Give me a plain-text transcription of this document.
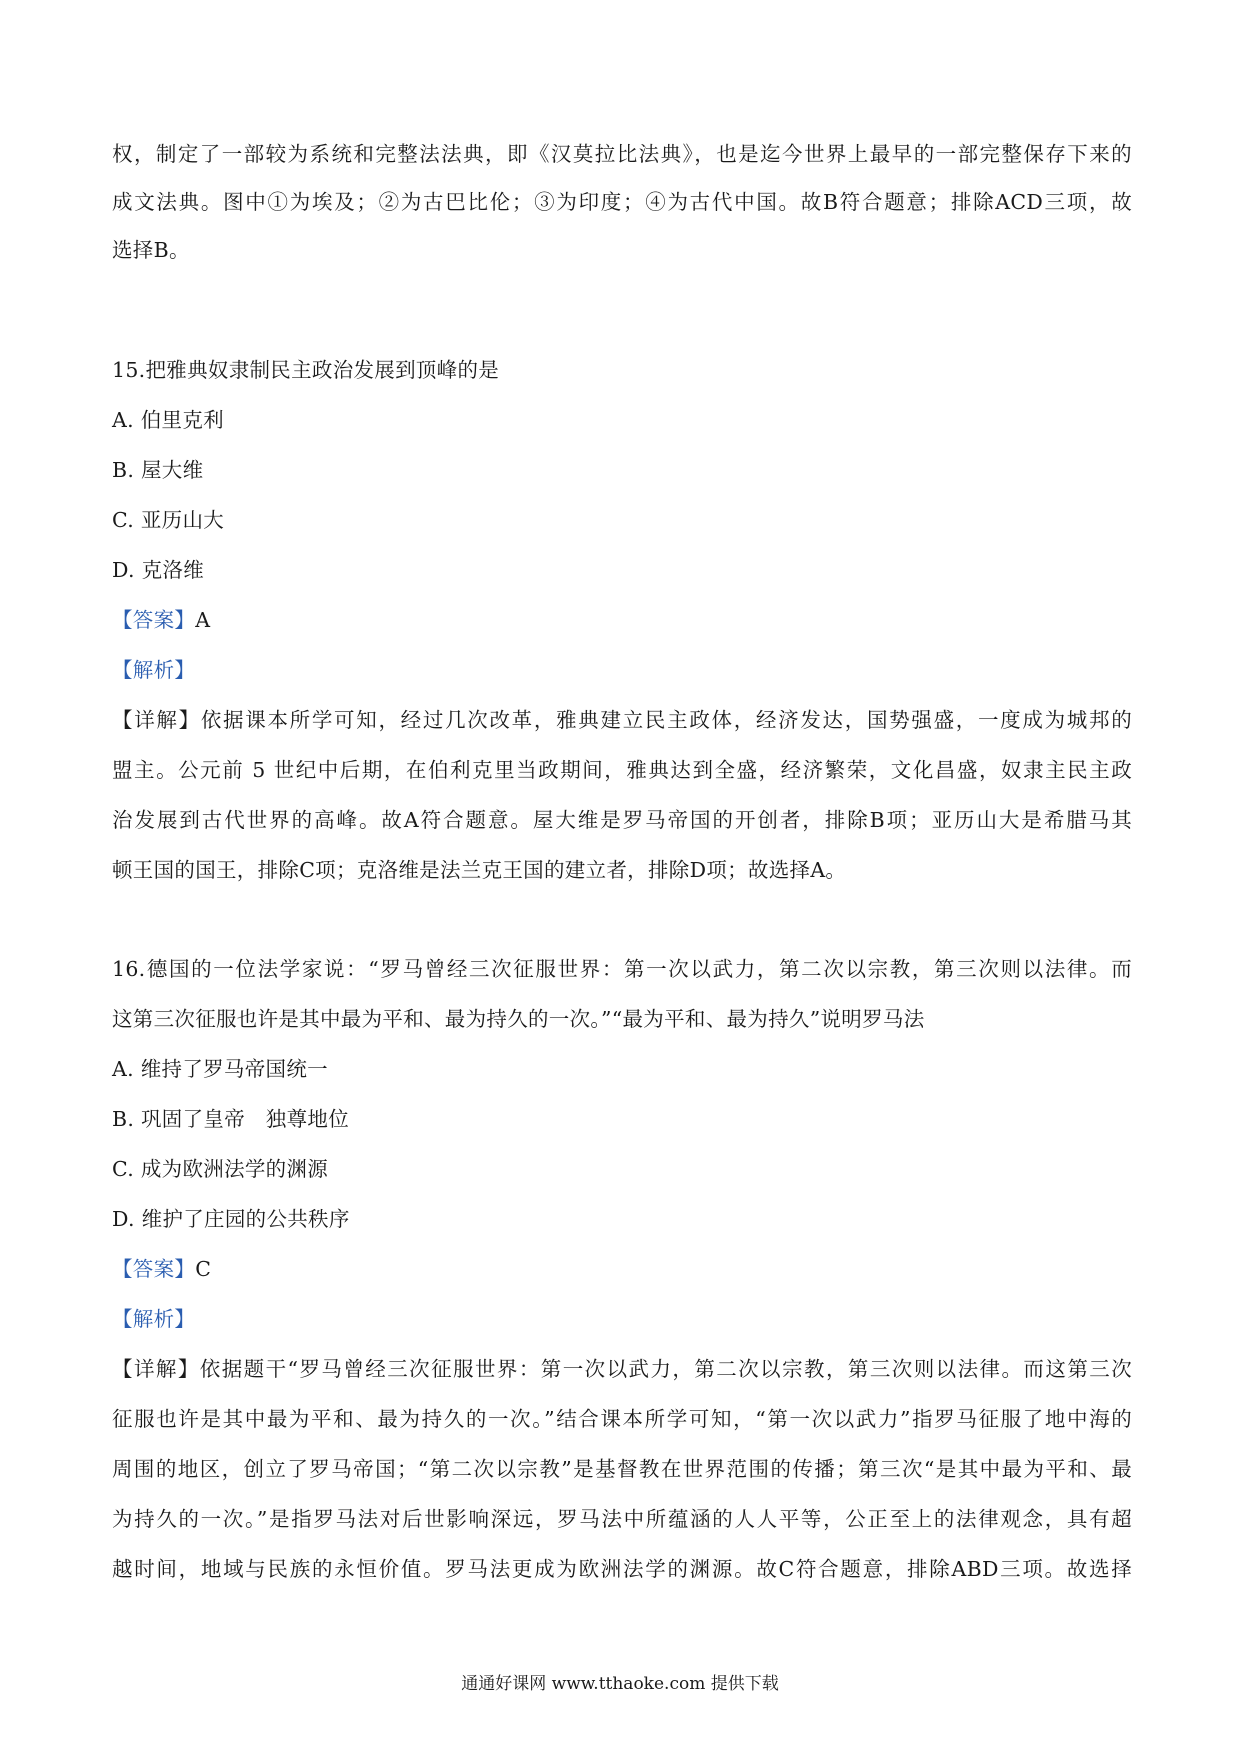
权，制定了一部较为系统和完整法法典，即《汉莫拉比法典》，也是迄今世界上最早的一部完整保存下来的
成文法典。图中①为埃及；②为古巴比伦；③为印度；④为古代中国。故B符合题意；排除ACD三项，故
选择B。
15.把雅典奴隶制民主政治发展到顶峰的是
A. 伯里克利
B. 屋大维
C. 亚历山大
D. 克洛维
【答案】A
【解析】
【详解】依据课本所学可知，经过几次改革，雅典建立民主政体，经济发达，国势强盛，一度成为城邦的
盟主。公元前 5 世纪中后期，在伯利克里当政期间，雅典达到全盛，经济繁荣，文化昌盛，奴隶主民主政
治发展到古代世界的高峰。故A符合题意。屋大维是罗马帝国的开创者，排除B项；亚历山大是希腊马其
顿王国的国王，排除C项；克洛维是法兰克王国的建立者，排除D项；故选择A。
16.德国的一位法学家说：“罗马曾经三次征服世界：第一次以武力，第二次以宗教，第三次则以法律。而
这第三次征服也许是其中最为平和、最为持久的一次。”“最为平和、最为持久”说明罗马法
A. 维持了罗马帝国统一
B. 巩固了皇帝　独尊地位
C. 成为欧洲法学的渊源
D. 维护了庄园的公共秩序
【答案】C
【解析】
【详解】依据题干“罗马曾经三次征服世界：第一次以武力，第二次以宗教，第三次则以法律。而这第三次
征服也许是其中最为平和、最为持久的一次。”结合课本所学可知，“第一次以武力”指罗马征服了地中海的
周围的地区，创立了罗马帝国；“第二次以宗教”是基督教在世界范围的传播；第三次“是其中最为平和、最
为持久的一次。”是指罗马法对后世影响深远，罗马法中所蕴涵的人人平等，公正至上的法律观念，具有超
越时间，地域与民族的永恒价值。罗马法更成为欧洲法学的渊源。故C符合题意，排除ABD三项。故选择
通通好课网 www.tthaoke.com 提供下载
